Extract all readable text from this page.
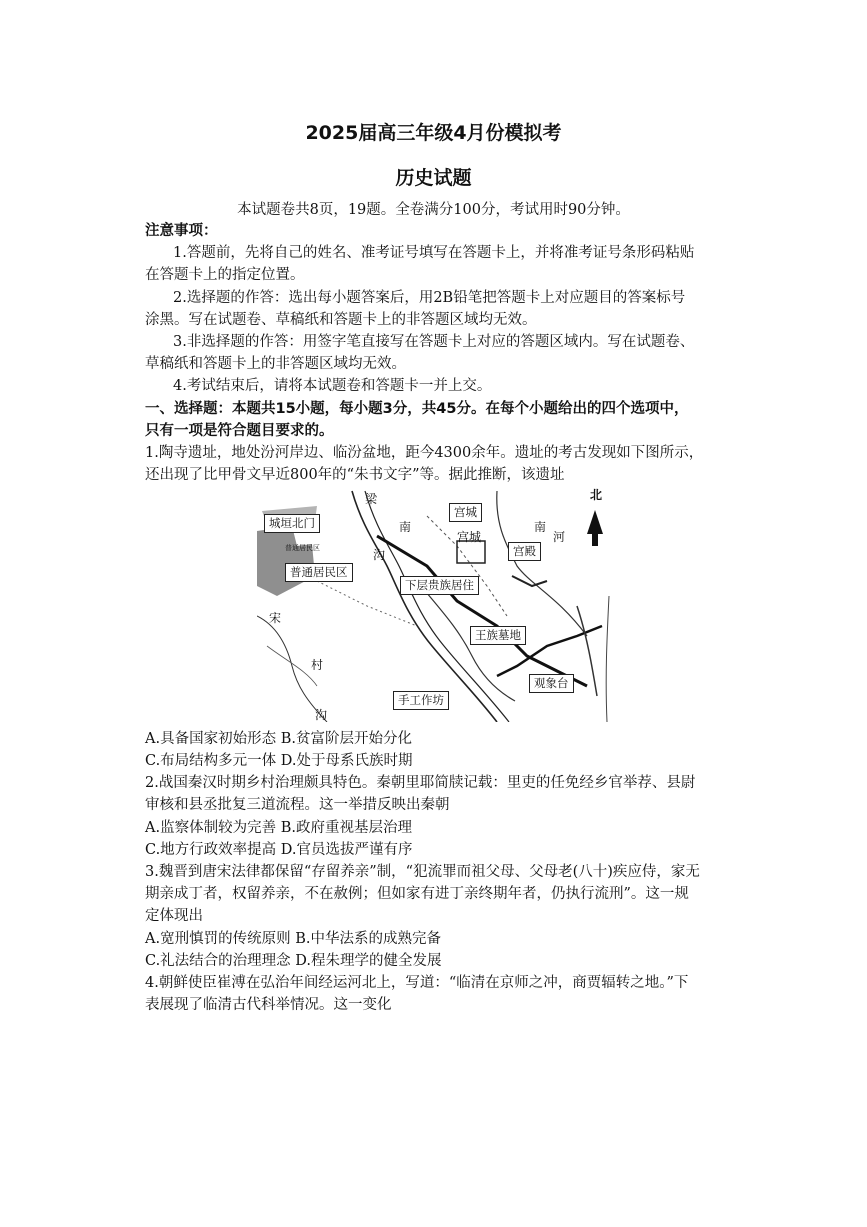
2025届高三年级4月份模拟考
历史试题
本试题卷共8页，19题。全卷满分100分，考试用时90分钟。
注意事项：
1.答题前，先将自己的姓名、准考证号填写在答题卡上，并将准考证号条形码粘贴
在答题卡上的指定位置。
2.选择题的作答：选出每小题答案后，用2B铅笔把答题卡上对应题目的答案标号
涂黑。写在试题卷、草稿纸和答题卡上的非答题区域均无效。
3.非选择题的作答：用签字笔直接写在答题卡上对应的答题区域内。写在试题卷、
草稿纸和答题卡上的非答题区域均无效。
4.考试结束后，请将本试题卷和答题卡一并上交。
一、选择题：本题共15小题，每小题3分，共45分。在每个小题给出的四个选项中，
只有一项是符合题目要求的。
1.陶寺遗址，地处汾河岸边、临汾盆地，距今4300余年。遗址的考古发现如下图所示，
还出现了比甲骨文早近800年的“朱书文字”等。据此推断，该遗址
北
城垣北门
普通居民区
宫城
宫殿
下层贵族居住
王族墓地
手工作坊
观象台
梁
南
沟
宫城
南
河
宋
村
沟
普通居民区
A.具备国家初始形态 B.贫富阶层开始分化
C.布局结构多元一体 D.处于母系氏族时期
2.战国秦汉时期乡村治理颇具特色。秦朝里耶简牍记载：里吏的任免经乡官举荐、县尉
审核和县丞批复三道流程。这一举措反映出秦朝
A.监察体制较为完善 B.政府重视基层治理
C.地方行政效率提高 D.官员选拔严谨有序
3.魏晋到唐宋法律都保留“存留养亲”制，“犯流罪而祖父母、父母老(八十)疾应侍，家无
期亲成丁者，权留养亲，不在赦例；但如家有进丁亲终期年者，仍执行流刑”。这一规
定体现出
A.宽刑慎罚的传统原则 B.中华法系的成熟完备
C.礼法结合的治理理念 D.程朱理学的健全发展
4.朝鲜使臣崔溥在弘治年间经运河北上，写道：“临清在京师之冲，商贾辐转之地。”下
表展现了临清古代科举情况。这一变化
